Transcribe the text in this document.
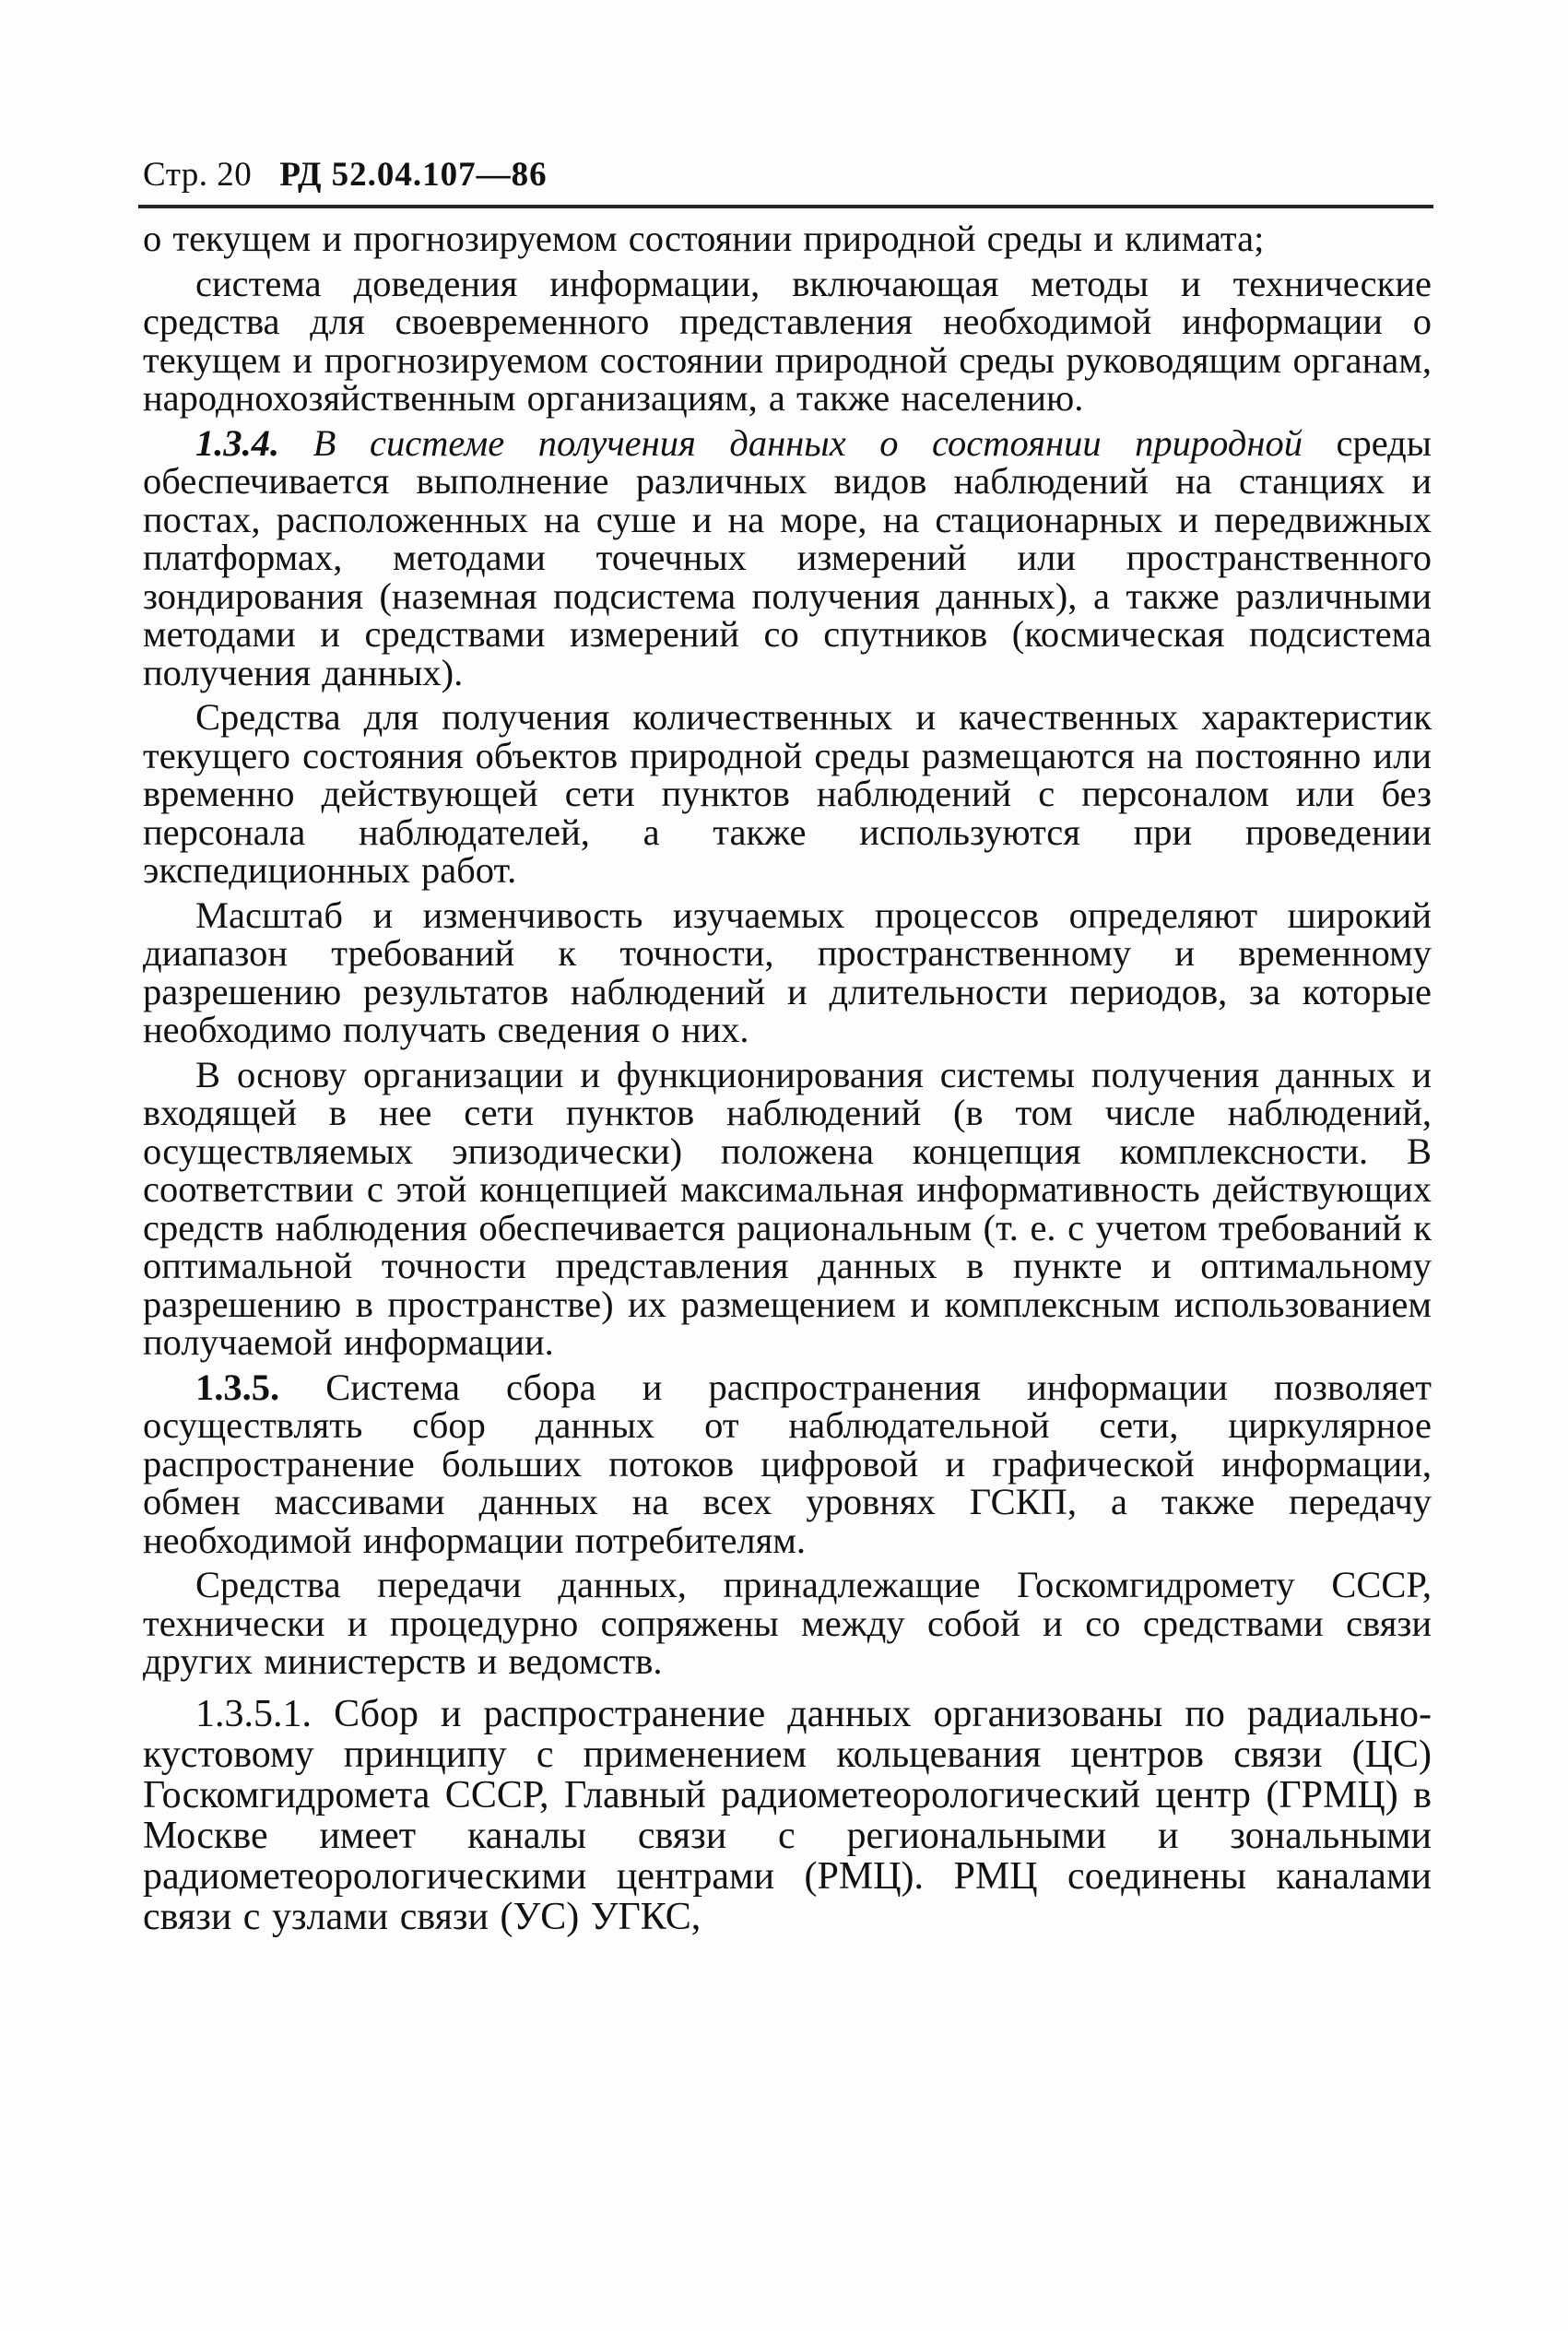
Стр. 20 РД 52.04.107—86

о текущем и прогнозируемом состоянии природной среды и климата;

система доведения информации, включающая методы и технические средства для своевременного представления необходимой информации о текущем и прогнозируемом состоянии природной среды руководящим органам, народнохозяйственным организациям, а также населению.

1.3.4. В системе получения данных о состоянии природной среды обеспечивается выполнение различных видов наблюдений на станциях и постах, расположенных на суше и на море, на стационарных и передвижных платформах, методами точечных измерений или пространственного зондирования (наземная подсистема получения данных), а также различными методами и средствами измерений со спутников (космическая подсистема получения данных).

Средства для получения количественных и качественных характеристик текущего состояния объектов природной среды размещаются на постоянно или временно действующей сети пунктов наблюдений с персоналом или без персонала наблюдателей, а также используются при проведении экспедиционных работ.

Масштаб и изменчивость изучаемых процессов определяют широкий диапазон требований к точности, пространственному и временному разрешению результатов наблюдений и длительности периодов, за которые необходимо получать сведения о них.

В основу организации и функционирования системы получения данных и входящей в нее сети пунктов наблюдений (в том числе наблюдений, осуществляемых эпизодически) положена концепция комплексности. В соответствии с этой концепцией максимальная информативность действующих средств наблюдения обеспечивается рациональным (т. е. с учетом требований к оптимальной точности представления данных в пункте и оптимальному разрешению в пространстве) их размещением и комплексным использованием получаемой информации.

1.3.5. Система сбора и распространения информации позволяет осуществлять сбор данных от наблюдательной сети, циркулярное распространение больших потоков цифровой и графической информации, обмен массивами данных на всех уровнях ГСКП, а также передачу необходимой информации потребителям.

Средства передачи данных, принадлежащие Госкомгидромету СССР, технически и процедурно сопряжены между собой и со средствами связи других министерств и ведомств.

1.3.5.1. Сбор и распространение данных организованы по радиально-кустовому принципу с применением кольцевания центров связи (ЦС) Госкомгидромета СССР, Главный радиометеорологический центр (ГРМЦ) в Москве имеет каналы связи с региональными и зональными радиометеорологическими центрами (РМЦ). РМЦ соединены каналами связи с узлами связи (УС) УГКС,
